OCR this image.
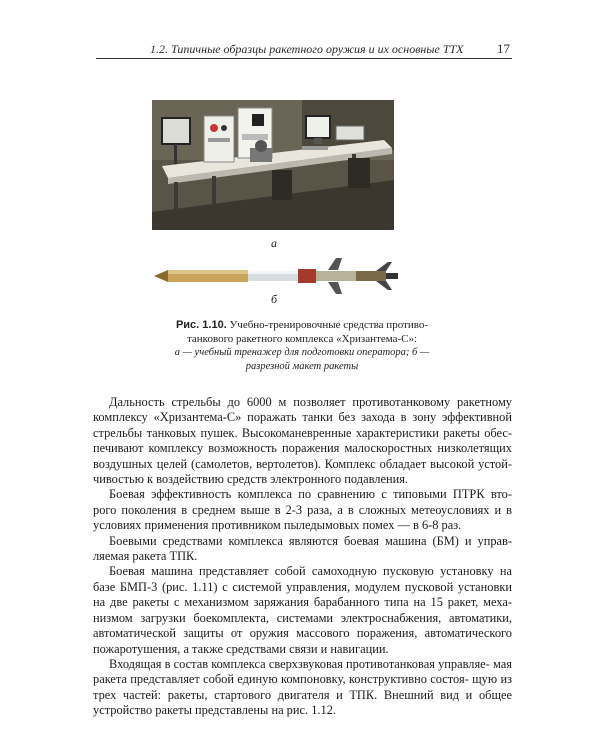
1.2. Типичные образцы ракетного оружия и их основные ТТХ	17
а
б
Рис. 1.10. Учебно-тренировочные средства противо-
танкового ракетного комплекса «Хризантема-С»:
а — учебный тренажер для подготовки оператора; б —
разрезной макет ракеты

Дальность стрельбы до 6000 м позволяет противотанковому ракетному комплексу «Хризантема-С» поражать танки без захода в зону эффективной стрельбы танковых пушек. Высокоманевренные характеристики ракеты обес- печивают комплексу возможность поражения малоскоростных низколетящих воздушных целей (самолетов, вертолетов). Комплекс обладает высокой устой- чивостью к воздействию средств электронного подавления.

Боевая эффективность комплекса по сравнению с типовыми ПТРК вто- рого поколения в среднем выше в 2-3 раза, а в сложных метеоусловиях и в условиях применения противником пыледымовых помех — в 6-8 раз.

Боевыми средствами комплекса являются боевая машина (БМ) и управ- ляемая ракета ТПК.

Боевая машина представляет собой самоходную пусковую установку на базе БМП-3 (рис. 1.11) с системой управления, модулем пусковой установки на две ракеты с механизмом заряжания барабанного типа на 15 ракет, меха- низмом загрузки боекомплекта, системами электроснабжения, автоматики, автоматической защиты от оружия массового поражения, автоматического пожаротушения, а также средствами связи и навигации.

Входящая в состав комплекса сверхзвуковая противотанковая управляе- мая ракета представляет собой единую компоновку, конструктивно состоя- щую из трех частей: ракеты, стартового двигателя и ТПК. Внешний вид и общее устройство ракеты представлены на рис. 1.12.
